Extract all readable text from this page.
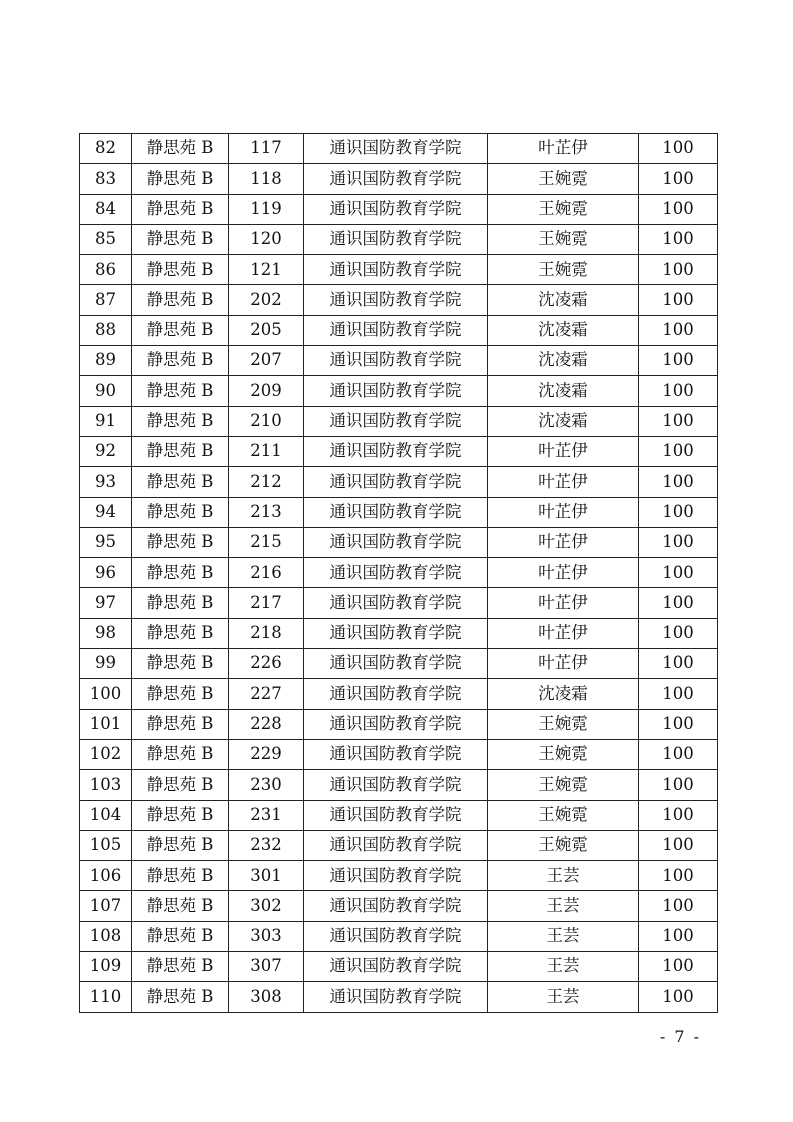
82	静思苑 B	117	通识国防教育学院	叶芷伊	100
83	静思苑 B	118	通识国防教育学院	王婉霓	100
84	静思苑 B	119	通识国防教育学院	王婉霓	100
85	静思苑 B	120	通识国防教育学院	王婉霓	100
86	静思苑 B	121	通识国防教育学院	王婉霓	100
87	静思苑 B	202	通识国防教育学院	沈凌霜	100
88	静思苑 B	205	通识国防教育学院	沈凌霜	100
89	静思苑 B	207	通识国防教育学院	沈凌霜	100
90	静思苑 B	209	通识国防教育学院	沈凌霜	100
91	静思苑 B	210	通识国防教育学院	沈凌霜	100
92	静思苑 B	211	通识国防教育学院	叶芷伊	100
93	静思苑 B	212	通识国防教育学院	叶芷伊	100
94	静思苑 B	213	通识国防教育学院	叶芷伊	100
95	静思苑 B	215	通识国防教育学院	叶芷伊	100
96	静思苑 B	216	通识国防教育学院	叶芷伊	100
97	静思苑 B	217	通识国防教育学院	叶芷伊	100
98	静思苑 B	218	通识国防教育学院	叶芷伊	100
99	静思苑 B	226	通识国防教育学院	叶芷伊	100
100	静思苑 B	227	通识国防教育学院	沈凌霜	100
101	静思苑 B	228	通识国防教育学院	王婉霓	100
102	静思苑 B	229	通识国防教育学院	王婉霓	100
103	静思苑 B	230	通识国防教育学院	王婉霓	100
104	静思苑 B	231	通识国防教育学院	王婉霓	100
105	静思苑 B	232	通识国防教育学院	王婉霓	100
106	静思苑 B	301	通识国防教育学院	王芸	100
107	静思苑 B	302	通识国防教育学院	王芸	100
108	静思苑 B	303	通识国防教育学院	王芸	100
109	静思苑 B	307	通识国防教育学院	王芸	100
110	静思苑 B	308	通识国防教育学院	王芸	100
- 7 -
